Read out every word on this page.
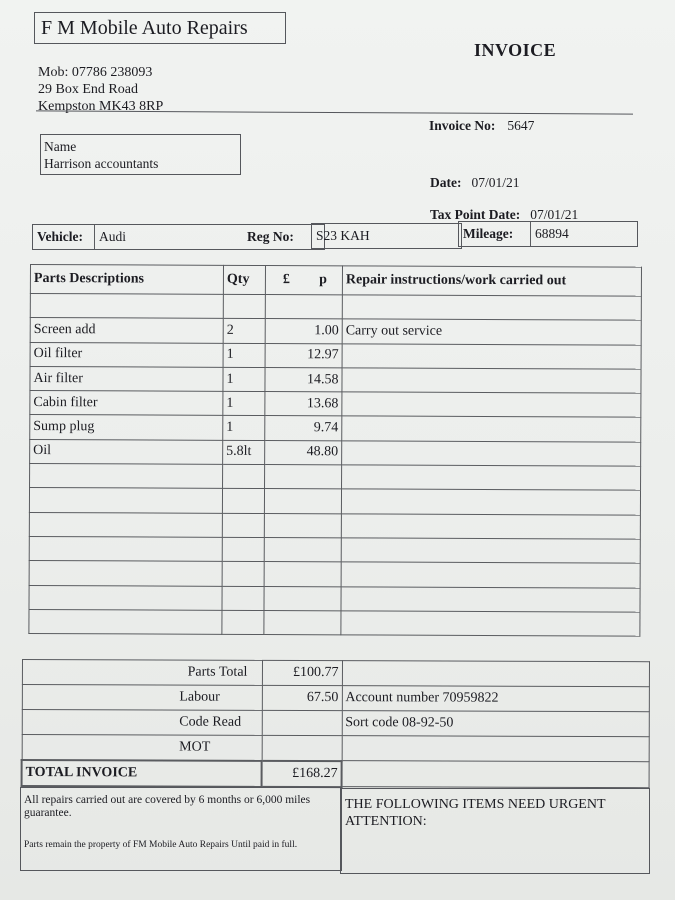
F M Mobile Auto Repairs
INVOICE
Mob: 07786 238093
29 Box End Road
Kempston MK43 8RP
Invoice No: 5647
Name
Harrison accountants
Date: 07/01/21
Tax Point Date: 07/01/21
Vehicle: Audi	Reg No: S23 KAH	Mileage: 68894
Parts Descriptions	Qty	£ p	Repair instructions/work carried out

Screen add	2	1.00	Carry out service
Oil filter	1	12.97	
Air filter	1	14.58	
Cabin filter	1	13.68	
Sump plug	1	9.74	
Oil	5.8lt	48.80	

Parts Total	£100.77	
Labour	67.50	Account number 70959822
Code Read		Sort code 08-92-50
MOT		
TOTAL INVOICE	£168.27	
All repairs carried out are covered by 6 months or 6,000 miles guarantee.
Parts remain the property of FM Mobile Auto Repairs Until paid in full.
THE FOLLOWING ITEMS NEED URGENT ATTENTION:
